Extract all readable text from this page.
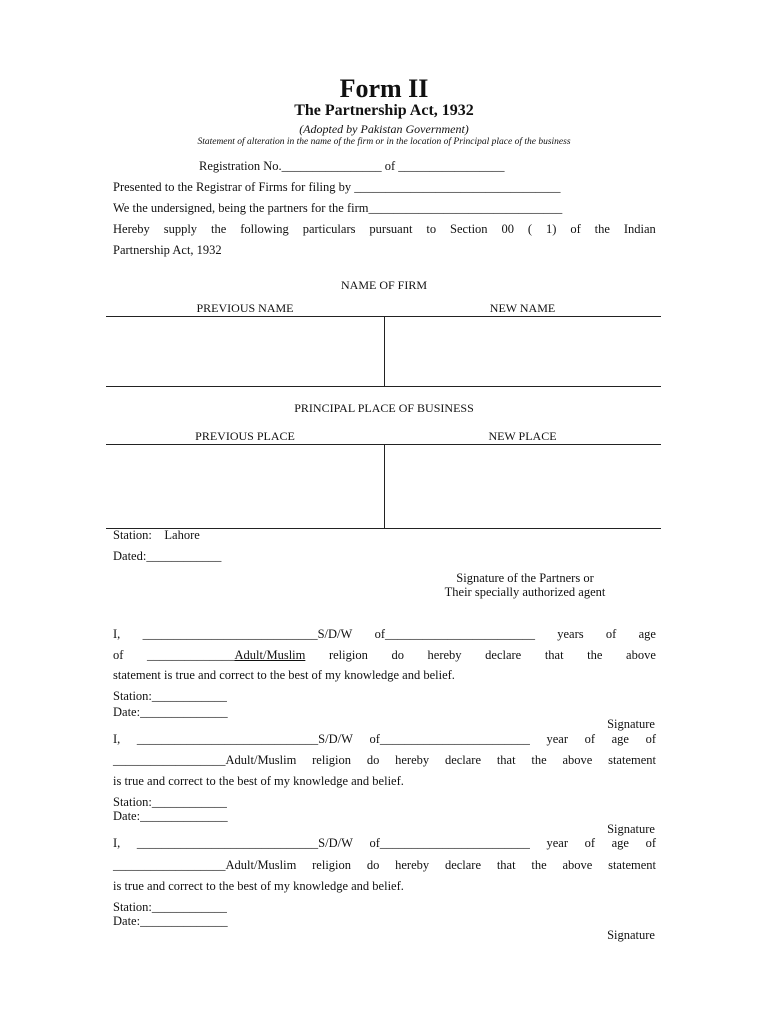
Form II
The Partnership Act, 1932
(Adopted by Pakistan Government)
Statement of alteration in the name of the firm or in the location of Principal place of the business
Registration No.________________ of _________________
Presented to the Registrar of Firms for filing by _________________________________
We the undersigned, being the partners for the firm_______________________________
Hereby supply the following particulars pursuant to Section 00 ( 1) of the Indian
Partnership Act, 1932
NAME OF FIRM
PREVIOUS NAME	NEW NAME
PRINCIPAL PLACE OF BUSINESS
PREVIOUS PLACE	NEW PLACE
Station:    Lahore
Dated:____________
Signature of the Partners or
Their specially authorized agent
I, ____________________________S/D/W of________________________ years of age
of ______________Adult/Muslim religion do hereby declare that the above
statement is true and correct to the best of my knowledge and belief.
Station:____________
Date:______________
Signature
I, _____________________________S/D/W of________________________ year of age of
__________________Adult/Muslim religion do hereby declare that the above statement
is true and correct to the best of my knowledge and belief.
Station:____________
Date:______________
Signature
I, _____________________________S/D/W of________________________ year of age of
__________________Adult/Muslim religion do hereby declare that the above statement
is true and correct to the best of my knowledge and belief.
Station:____________
Date:______________
Signature
